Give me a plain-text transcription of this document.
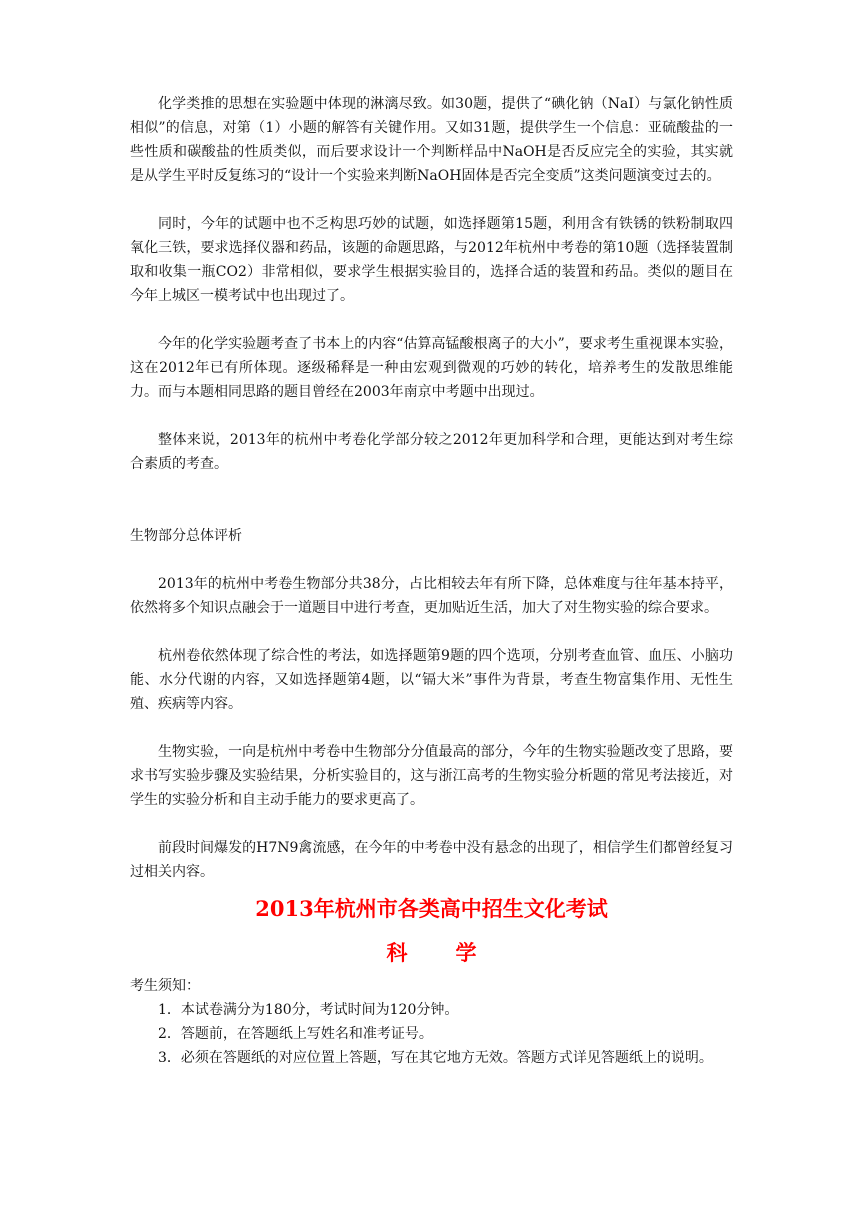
化学类推的思想在实验题中体现的淋漓尽致。如30题，提供了“碘化钠（NaI）与氯化钠性质相似”的信息，对第（1）小题的解答有关键作用。又如31题，提供学生一个信息：亚硫酸盐的一些性质和碳酸盐的性质类似，而后要求设计一个判断样品中NaOH是否反应完全的实验，其实就是从学生平时反复练习的“设计一个实验来判断NaOH固体是否完全变质”这类问题演变过去的。

同时，今年的试题中也不乏构思巧妙的试题，如选择题第15题，利用含有铁锈的铁粉制取四氧化三铁，要求选择仪器和药品，该题的命题思路，与2012年杭州中考卷的第10题（选择装置制取和收集一瓶CO2）非常相似，要求学生根据实验目的，选择合适的装置和药品。类似的题目在今年上城区一模考试中也出现过了。

今年的化学实验题考查了书本上的内容“估算高锰酸根离子的大小”，要求考生重视课本实验，这在2012年已有所体现。逐级稀释是一种由宏观到微观的巧妙的转化，培养考生的发散思维能力。而与本题相同思路的题目曾经在2003年南京中考题中出现过。

整体来说，2013年的杭州中考卷化学部分较之2012年更加科学和合理，更能达到对考生综合素质的考查。

生物部分总体评析

2013年的杭州中考卷生物部分共38分，占比相较去年有所下降，总体难度与往年基本持平，依然将多个知识点融会于一道题目中进行考查，更加贴近生活，加大了对生物实验的综合要求。

杭州卷依然体现了综合性的考法，如选择题第9题的四个选项，分别考查血管、血压、小脑功能、水分代谢的内容，又如选择题第4题，以“镉大米”事件为背景，考查生物富集作用、无性生殖、疾病等内容。

生物实验，一向是杭州中考卷中生物部分分值最高的部分，今年的生物实验题改变了思路，要求书写实验步骤及实验结果，分析实验目的，这与浙江高考的生物实验分析题的常见考法接近，对学生的实验分析和自主动手能力的要求更高了。

前段时间爆发的H7N9禽流感，在今年的中考卷中没有悬念的出现了，相信学生们都曾经复习过相关内容。

2013年杭州市各类高中招生文化考试

科学

考生须知：

1．本试卷满分为180分，考试时间为120分钟。

2．答题前，在答题纸上写姓名和准考证号。

3．必须在答题纸的对应位置上答题，写在其它地方无效。答题方式详见答题纸上的说明。
